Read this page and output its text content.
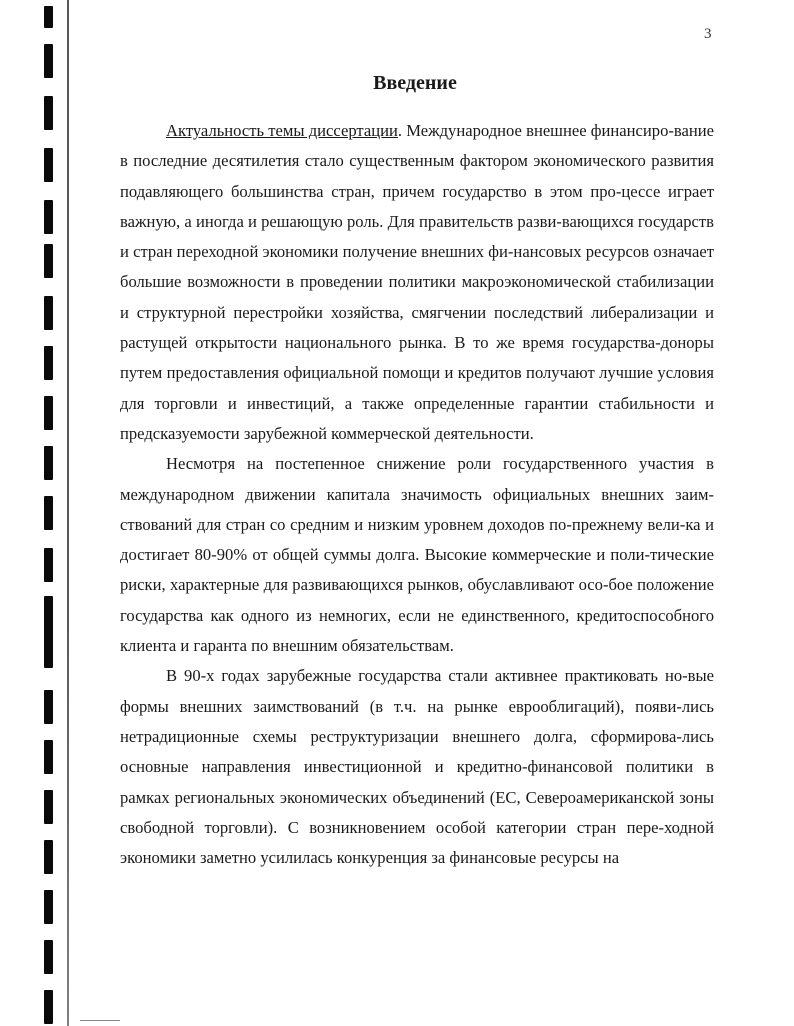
3
Введение

Актуальность темы диссертации. Международное внешнее финансиро-вание в последние десятилетия стало существенным фактором экономического развития подавляющего большинства стран, причем государство в этом про-цессе играет важную, а иногда и решающую роль. Для правительств разви-вающихся государств и стран переходной экономики получение внешних фи-нансовых ресурсов означает большие возможности в проведении политики макроэкономической стабилизации и структурной перестройки хозяйства, смягчении последствий либерализации и растущей открытости национального рынка. В то же время государства-доноры путем предоставления официальной помощи и кредитов получают лучшие условия для торговли и инвестиций, а также определенные гарантии стабильности и предсказуемости зарубежной коммерческой деятельности.

Несмотря на постепенное снижение роли государственного участия в международном движении капитала значимость официальных внешних заим-ствований для стран со средним и низким уровнем доходов по-прежнему вели-ка и достигает 80-90% от общей суммы долга. Высокие коммерческие и поли-тические риски, характерные для развивающихся рынков, обуславливают осо-бое положение государства как одного из немногих, если не единственного, кредитоспособного клиента и гаранта по внешним обязательствам.

В 90-х годах зарубежные государства стали активнее практиковать но-вые формы внешних заимствований (в т.ч. на рынке еврооблигаций), появи-лись нетрадиционные схемы реструктуризации внешнего долга, сформирова-лись основные направления инвестиционной и кредитно-финансовой политики в рамках региональных экономических объединений (ЕС, Североамериканской зоны свободной торговли). С возникновением особой категории стран пере-ходной экономики заметно усилилась конкуренция за финансовые ресурсы на
